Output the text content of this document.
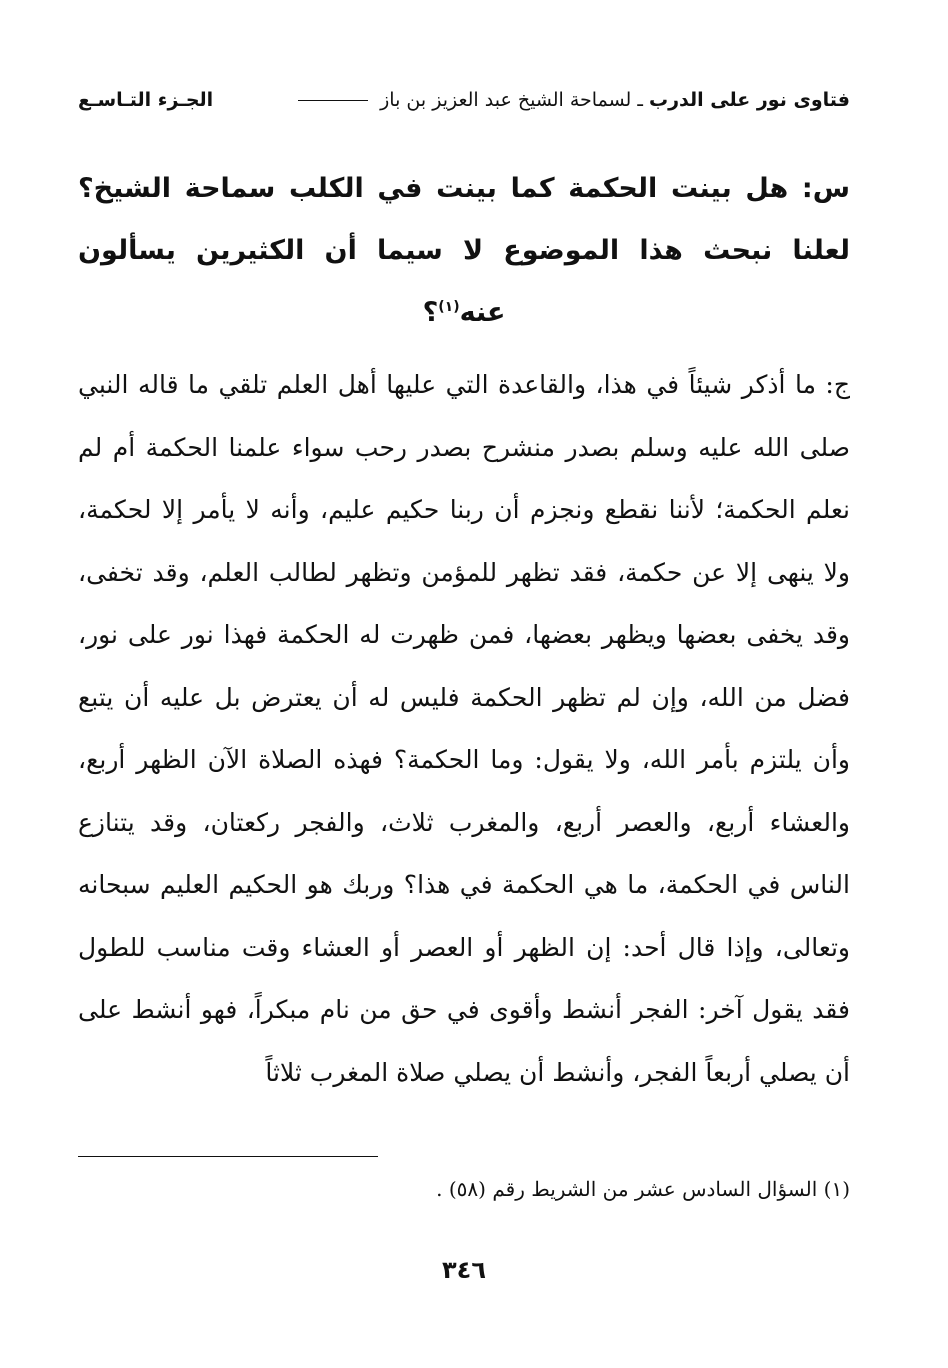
فتاوى نور على الدرب ـ لسماحة الشيخ عبد العزيز بن باز
الجـزء التـاسـع
س: هل بينت الحكمة كما بينت في الكلب سماحة الشيخ؟ لعلنا نبحث هذا الموضوع لا سيما أن الكثيرين يسألون عنه$^{(١)}$؟
ج: ما أذكر شيئاً في هذا، والقاعدة التي عليها أهل العلم تلقي ما قاله النبي صلى الله عليه وسلم بصدر منشرح بصدر رحب سواء علمنا الحكمة أم لم نعلم الحكمة؛ لأننا نقطع ونجزم أن ربنا حكيم عليم، وأنه لا يأمر إلا لحكمة، ولا ينهى إلا عن حكمة، فقد تظهر للمؤمن وتظهر لطالب العلم، وقد تخفى، وقد يخفى بعضها ويظهر بعضها، فمن ظهرت له الحكمة فهذا نور على نور، فضل من الله، وإن لم تظهر الحكمة فليس له أن يعترض بل عليه أن يتبع وأن يلتزم بأمر الله، ولا يقول: وما الحكمة؟ فهذه الصلاة الآن الظهر أربع، والعشاء أربع، والعصر أربع، والمغرب ثلاث، والفجر ركعتان، وقد يتنازع الناس في الحكمة، ما هي الحكمة في هذا؟ وربك هو الحكيم العليم سبحانه وتعالى، وإذا قال أحد: إن الظهر أو العصر أو العشاء وقت مناسب للطول فقد يقول آخر: الفجر أنشط وأقوى في حق من نام مبكراً، فهو أنشط على أن يصلي أربعاً الفجر، وأنشط أن يصلي صلاة المغرب ثلاثاً
(١) السؤال السادس عشر من الشريط رقم (٥٨) .
٣٤٦
